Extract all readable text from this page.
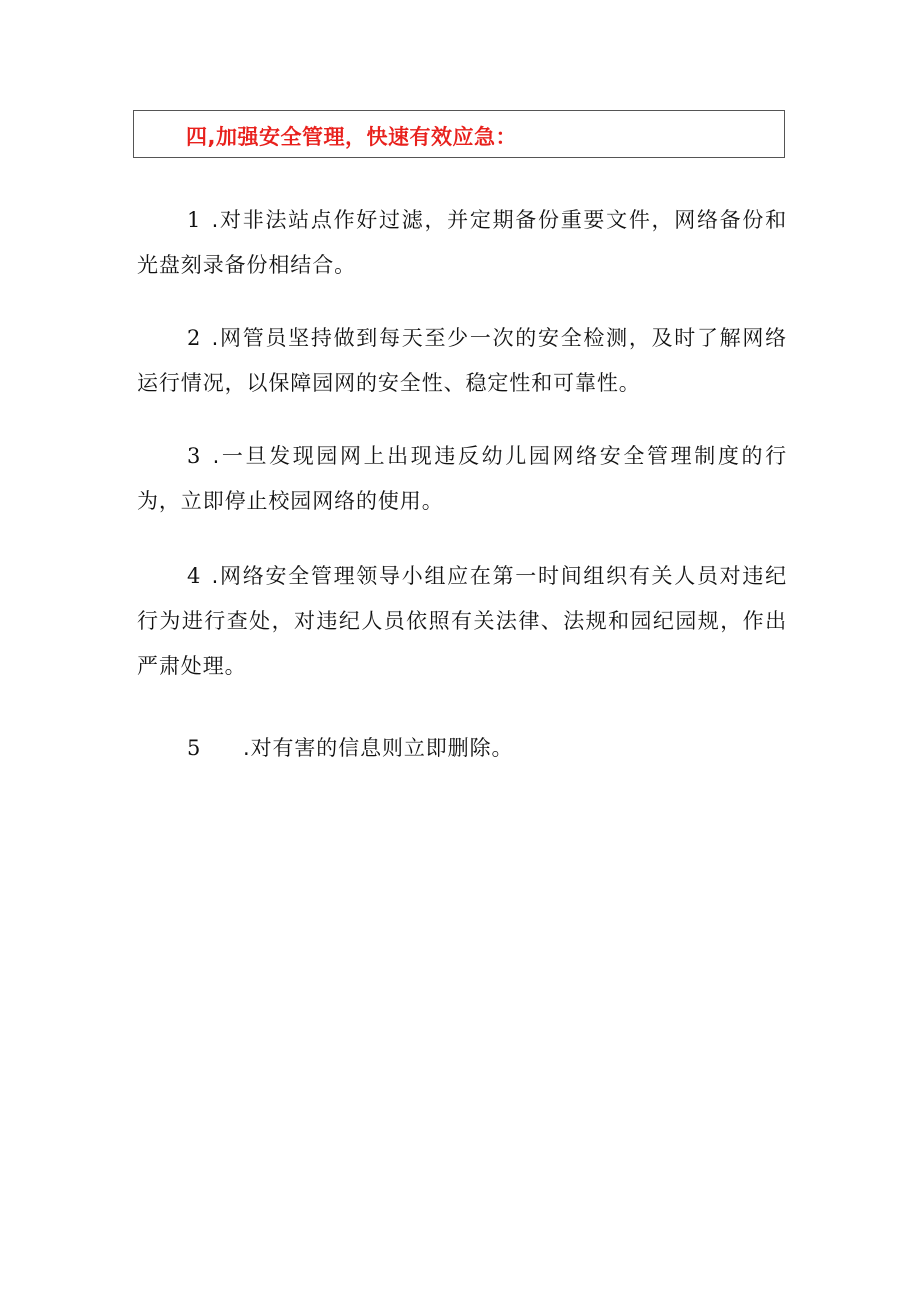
四,加强安全管理，快速有效应急：

1 .对非法站点作好过滤，并定期备份重要文件，网络备份和光盘刻录备份相结合。

2 .网管员坚持做到每天至少一次的安全检测，及时了解网络运行情况，以保障园网的安全性、稳定性和可靠性。

3 .一旦发现园网上出现违反幼儿园网络安全管理制度的行为，立即停止校园网络的使用。

4 .网络安全管理领导小组应在第一时间组织有关人员对违纪行为进行查处，对违纪人员依照有关法律、法规和园纪园规，作出严肃处理。

5 .对有害的信息则立即删除。
